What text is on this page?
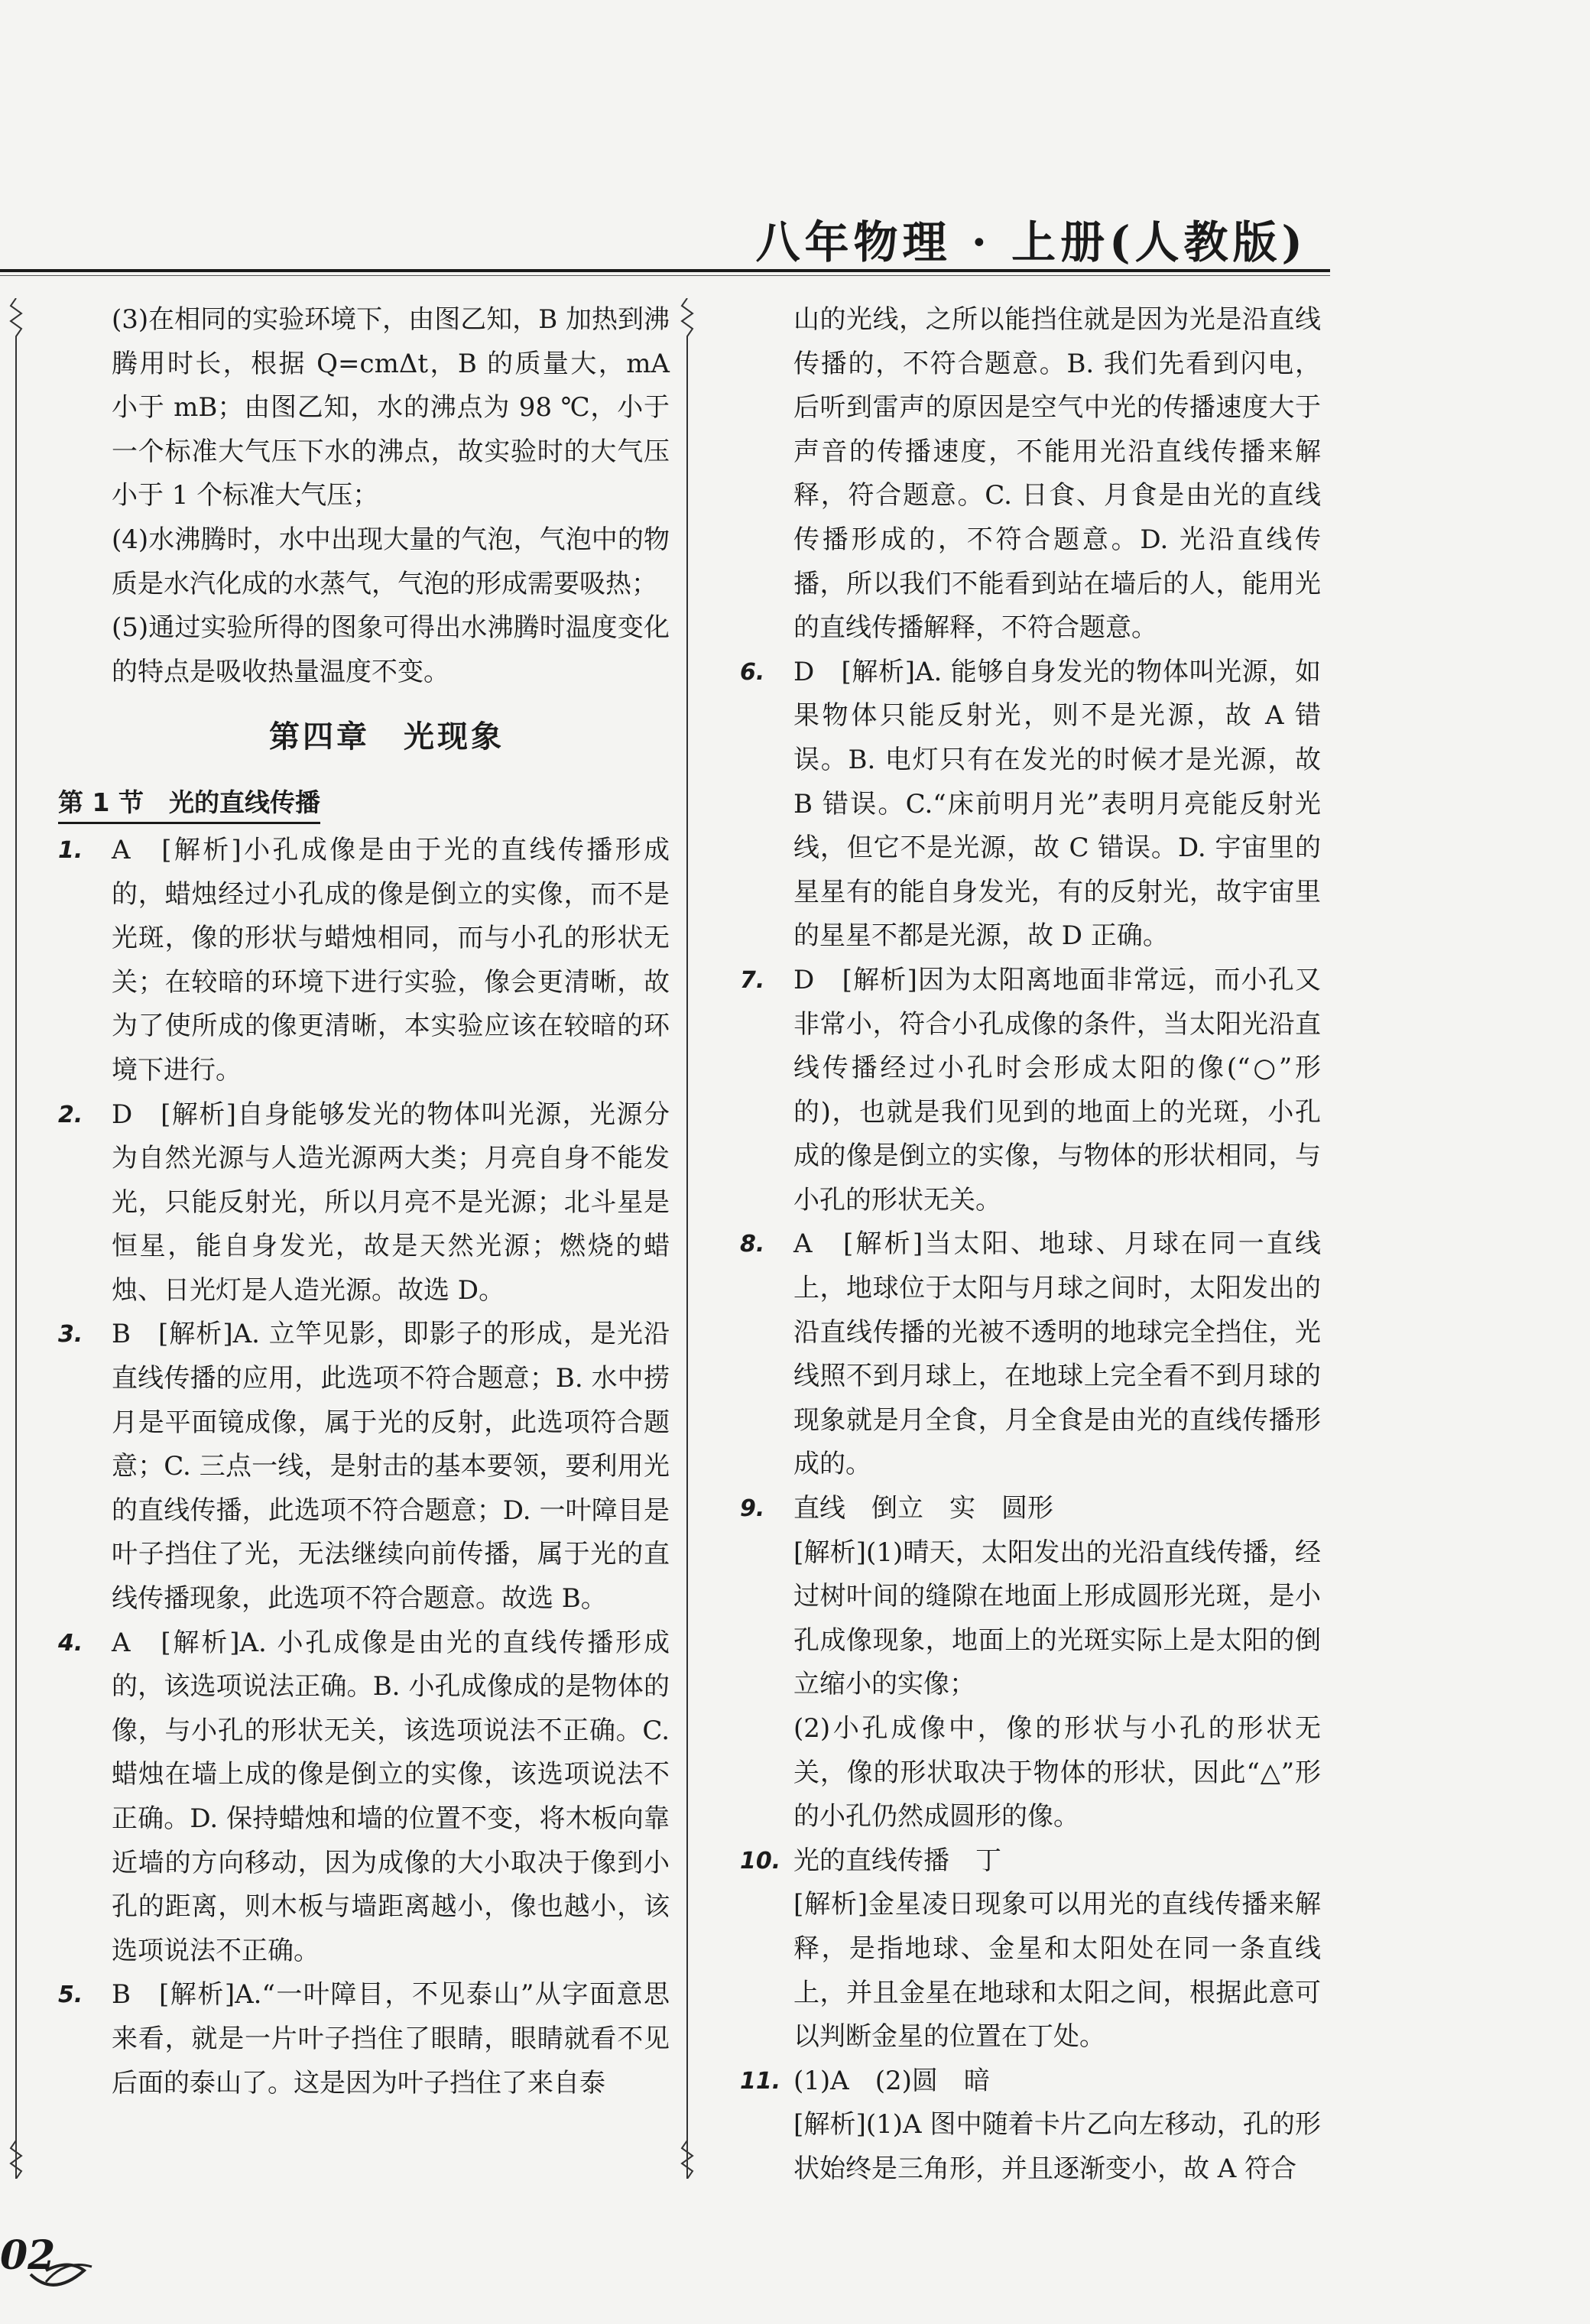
八年物理 · 上册(人教版)

(3)在相同的实验环境下，由图乙知，B 加热到沸腾用时长，根据 Q=cmΔt，B 的质量大，mA 小于 mB；由图乙知，水的沸点为 98 ℃，小于一个标准大气压下水的沸点，故实验时的大气压小于 1 个标准大气压；

(4)水沸腾时，水中出现大量的气泡，气泡中的物质是水汽化成的水蒸气，气泡的形成需要吸热；

(5)通过实验所得的图象可得出水沸腾时温度变化的特点是吸收热量温度不变。

第四章　光现象
第 1 节　光的直线传播
1. A　[解析]小孔成像是由于光的直线传播形成的，蜡烛经过小孔成的像是倒立的实像，而不是光斑，像的形状与蜡烛相同，而与小孔的形状无关；在较暗的环境下进行实验，像会更清晰，故为了使所成的像更清晰，本实验应该在较暗的环境下进行。

2. D　[解析]自身能够发光的物体叫光源，光源分为自然光源与人造光源两大类；月亮自身不能发光，只能反射光，所以月亮不是光源；北斗星是恒星，能自身发光，故是天然光源；燃烧的蜡烛、日光灯是人造光源。故选 D。

3. B　[解析]A. 立竿见影，即影子的形成，是光沿直线传播的应用，此选项不符合题意；B. 水中捞月是平面镜成像，属于光的反射，此选项符合题意；C. 三点一线，是射击的基本要领，要利用光的直线传播，此选项不符合题意；D. 一叶障目是叶子挡住了光，无法继续向前传播，属于光的直线传播现象，此选项不符合题意。故选 B。

4. A　[解析]A. 小孔成像是由光的直线传播形成的，该选项说法正确。B. 小孔成像成的是物体的像，与小孔的形状无关，该选项说法不正确。C. 蜡烛在墙上成的像是倒立的实像，该选项说法不正确。D. 保持蜡烛和墙的位置不变，将木板向靠近墙的方向移动，因为成像的大小取决于像到小孔的距离，则木板与墙距离越小，像也越小，该选项说法不正确。

5. B　[解析]A.“一叶障目，不见泰山”从字面意思来看，就是一片叶子挡住了眼睛，眼睛就看不见后面的泰山了。这是因为叶子挡住了来自泰

山的光线，之所以能挡住就是因为光是沿直线传播的，不符合题意。B. 我们先看到闪电，后听到雷声的原因是空气中光的传播速度大于声音的传播速度，不能用光沿直线传播来解释，符合题意。C. 日食、月食是由光的直线传播形成的，不符合题意。D. 光沿直线传播，所以我们不能看到站在墙后的人，能用光的直线传播解释，不符合题意。

6. D　[解析]A. 能够自身发光的物体叫光源，如果物体只能反射光，则不是光源，故 A 错误。B. 电灯只有在发光的时候才是光源，故 B 错误。C.“床前明月光”表明月亮能反射光线，但它不是光源，故 C 错误。D. 宇宙里的星星有的能自身发光，有的反射光，故宇宙里的星星不都是光源，故 D 正确。

7. D　[解析]因为太阳离地面非常远，而小孔又非常小，符合小孔成像的条件，当太阳光沿直线传播经过小孔时会形成太阳的像(“○”形的)，也就是我们见到的地面上的光斑，小孔成的像是倒立的实像，与物体的形状相同，与小孔的形状无关。

8. A　[解析]当太阳、地球、月球在同一直线上，地球位于太阳与月球之间时，太阳发出的沿直线传播的光被不透明的地球完全挡住，光线照不到月球上，在地球上完全看不到月球的现象就是月全食，月全食是由光的直线传播形成的。

9. 直线　倒立　实　圆形

[解析](1)晴天，太阳发出的光沿直线传播，经过树叶间的缝隙在地面上形成圆形光斑，是小孔成像现象，地面上的光斑实际上是太阳的倒立缩小的实像；

(2)小孔成像中，像的形状与小孔的形状无关，像的形状取决于物体的形状，因此“△”形的小孔仍然成圆形的像。

10. 光的直线传播　丁

[解析]金星凌日现象可以用光的直线传播来解释，是指地球、金星和太阳处在同一条直线上，并且金星在地球和太阳之间，根据此意可以判断金星的位置在丁处。

11. (1)A　(2)圆　暗

[解析](1)A 图中随着卡片乙向左移动，孔的形状始终是三角形，并且逐渐变小，故 A 符合

02
